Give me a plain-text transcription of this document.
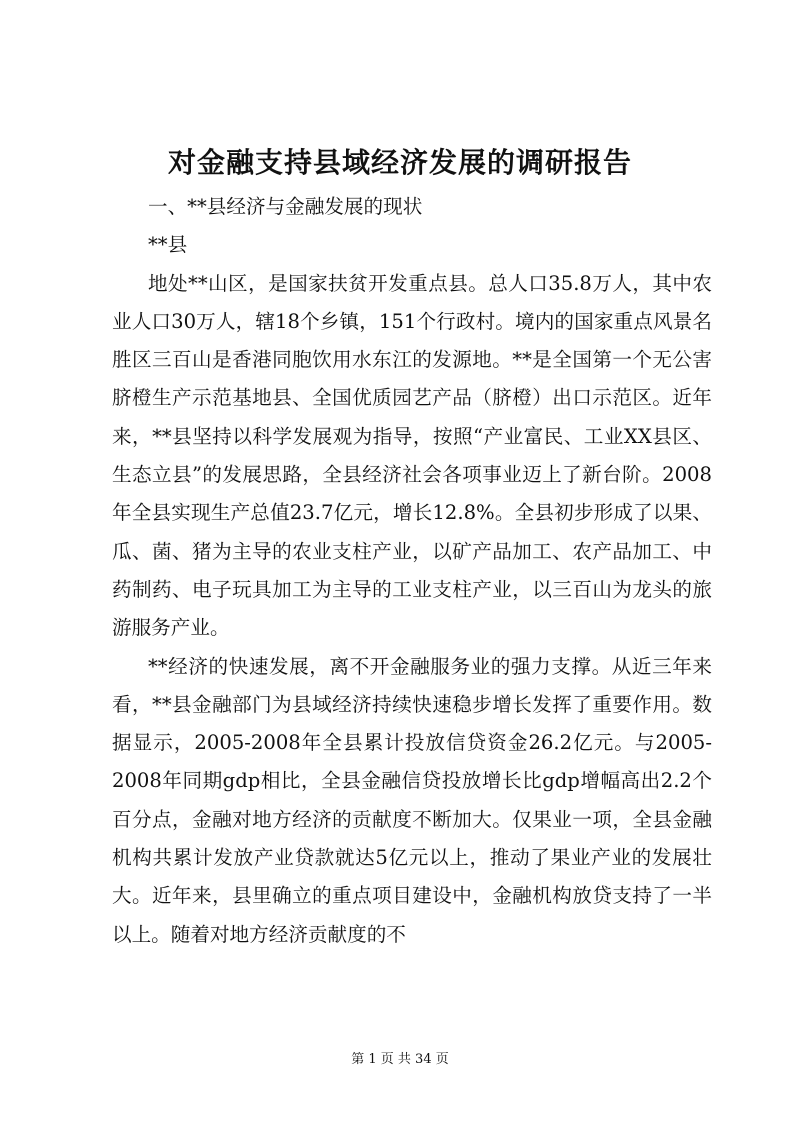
对金融支持县域经济发展的调研报告

一、**县经济与金融发展的现状

**县

地处**山区，是国家扶贫开发重点县。总人口35.8万人，其中农业人口30万人，辖18个乡镇，151个行政村。境内的国家重点风景名胜区三百山是香港同胞饮用水东江的发源地。**是全国第一个无公害脐橙生产示范基地县、全国优质园艺产品（脐橙）出口示范区。近年来，**县坚持以科学发展观为指导，按照“产业富民、工业XX县区、生态立县”的发展思路，全县经济社会各项事业迈上了新台阶。2008年全县实现生产总值23.7亿元，增长12.8%。全县初步形成了以果、瓜、菌、猪为主导的农业支柱产业，以矿产品加工、农产品加工、中药制药、电子玩具加工为主导的工业支柱产业，以三百山为龙头的旅游服务产业。

**经济的快速发展，离不开金融服务业的强力支撑。从近三年来看，**县金融部门为县域经济持续快速稳步增长发挥了重要作用。数据显示，2005-2008年全县累计投放信贷资金26.2亿元。与2005-2008年同期gdp相比，全县金融信贷投放增长比gdp增幅高出2.2个百分点，金融对地方经济的贡献度不断加大。仅果业一项，全县金融机构共累计发放产业贷款就达5亿元以上，推动了果业产业的发展壮大。近年来，县里确立的重点项目建设中，金融机构放贷支持了一半以上。随着对地方经济贡献度的不

第 1 页 共 34 页
